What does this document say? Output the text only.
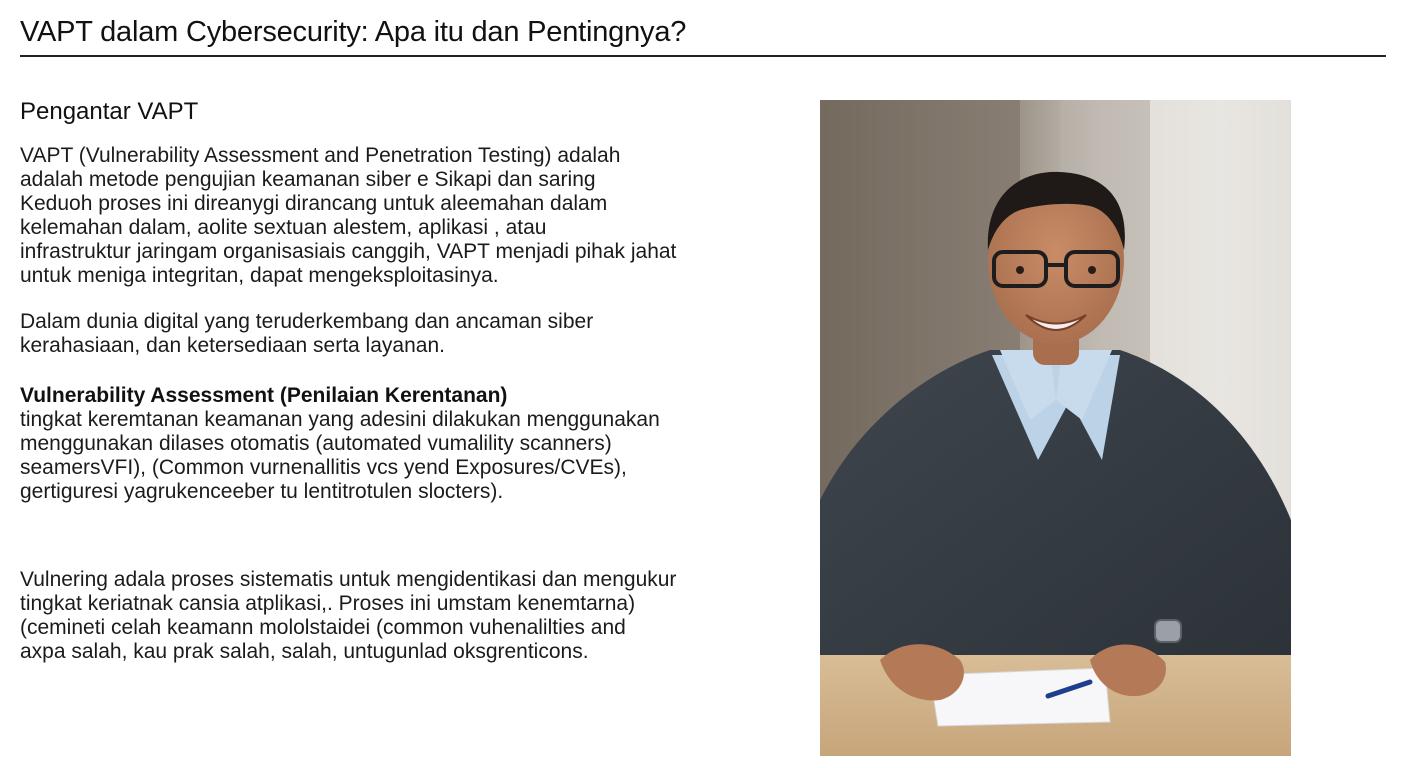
VAPT dalam Cybersecurity: Apa itu dan Pentingnya?
Pengantar VAPT
VAPT (Vulnerability Assessment and Penetration Testing) adalah
adalah metode pengujian keamanan siber e Sikapi dan saring
Keduoh proses ini direanygi dirancang untuk aleemahan dalam
kelemahan dalam, aolite sextuan alestem, aplikasi , atau
infrastruktur jaringam organisasiais canggih, VAPT menjadi pihak jahat
untuk meniga integritan, dapat mengeksploitasinya.
Dalam dunia digital yang teruderkembang dan ancaman siber
kerahasiaan, dan ketersediaan serta layanan.
Vulnerability Assessment (Penilaian Kerentanan)
tingkat keremtanan keamanan yang adesini dilakukan menggunakan
menggunakan dilases otomatis (automated vumalility scanners)
seamersVFI), (Common vurnenallitis vcs yend Exposures/CVEs),
gertiguresi yagrukenceeber tu lentitrotulen slocters).
Vulnering adala proses sistematis untuk mengidentikasi dan mengukur
tingkat keriatnak cansia atplikasi,. Proses ini umstam kenemtarna)
(cemineti celah keamann mololstaidei (common vuhenalilties and
axpa salah, kau prak salah, salah, untugunlad oksgrenticons.
